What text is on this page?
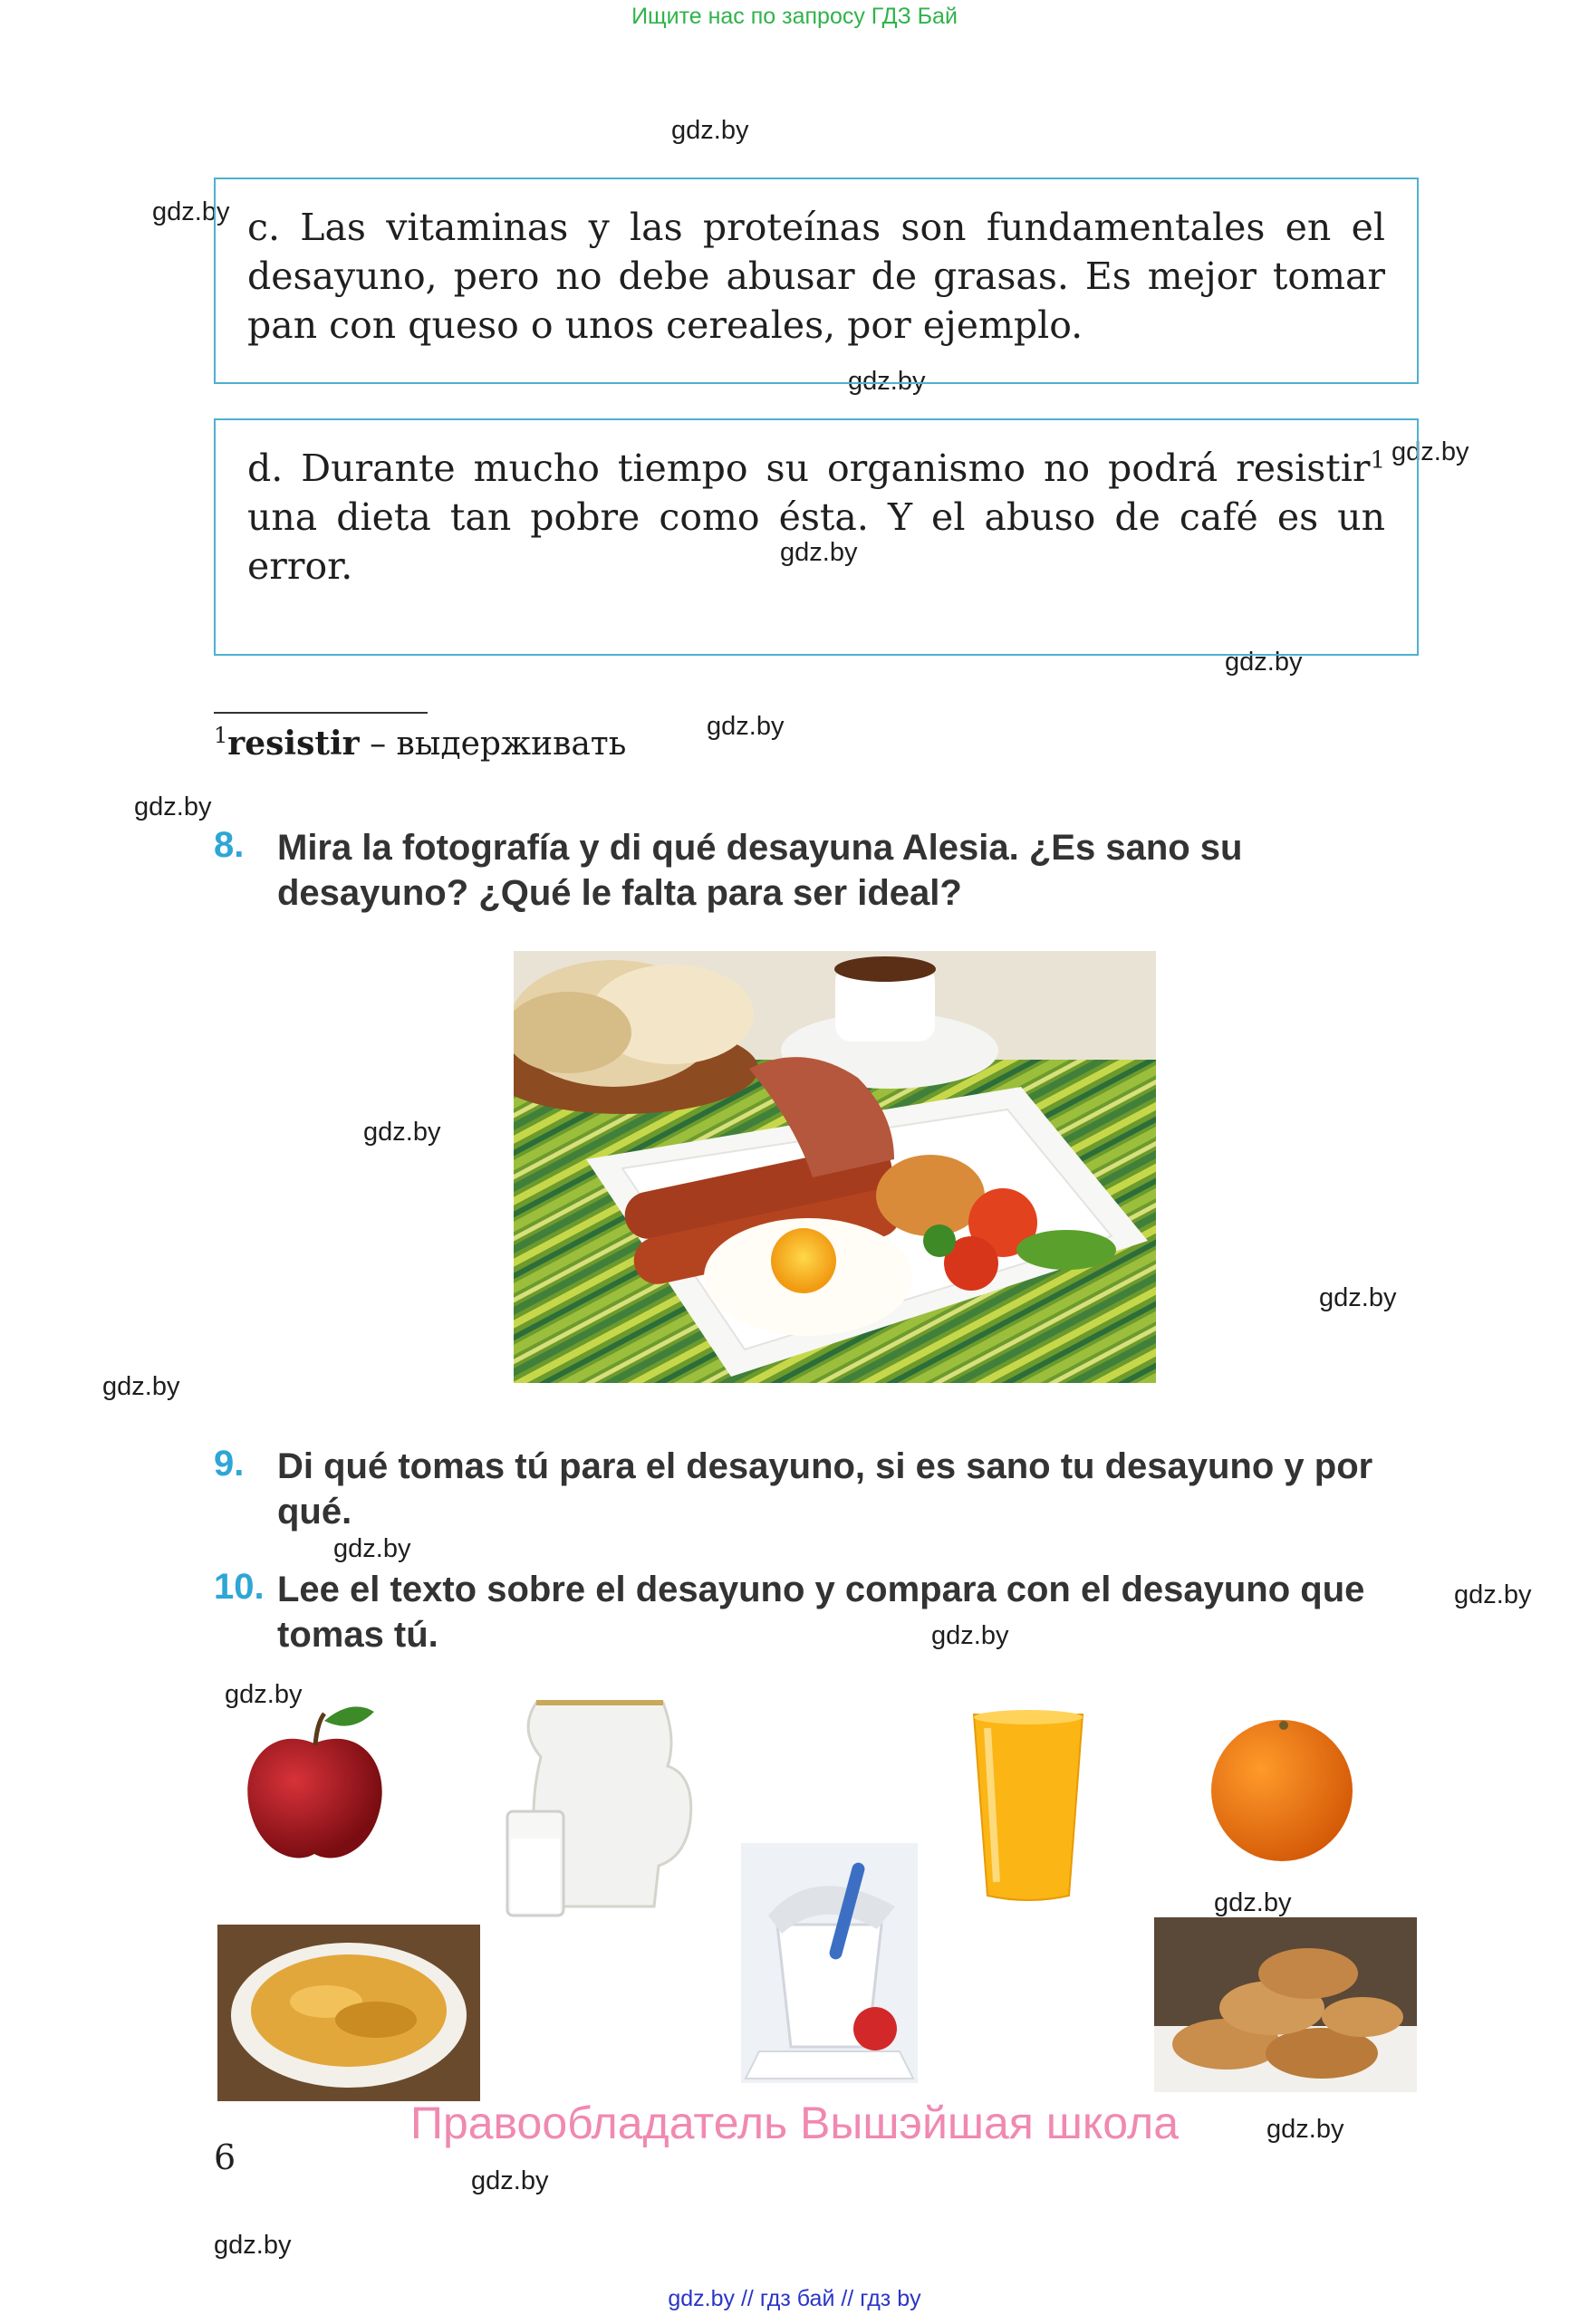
Ищите нас по запросу ГДЗ Бай
gdz.by
gdz.by
gdz.by
gdz.by
gdz.by
gdz.by
gdz.by
gdz.by
gdz.by
gdz.by
gdz.by
gdz.by
gdz.by
gdz.by
gdz.by
gdz.by
gdz.by
gdz.by
gdz.by
c. Las vitaminas y las proteínas son fundamentales en el desayuno, pero no debe abusar de grasas. Es mejor tomar pan con queso o unos cereales, por ejemplo.
d. Durante mucho tiempo su organismo no podrá resistir$^1$ una dieta tan pobre como ésta. Y el abuso de café es un error.
$^1$resistir – выдерживать
8. Mira la fotografía y di qué desayuna Alesia. ¿Es sano su desayuno? ¿Qué le falta para ser ideal?
9. Di qué tomas tú para el desayuno, si es sano tu desayuno y por qué.
10. Lee el texto sobre el desayuno y compara con el desayuno que tomas tú.
Правообладатель Вышэйшая школа
6
gdz.by // гдз бай // гдз by
